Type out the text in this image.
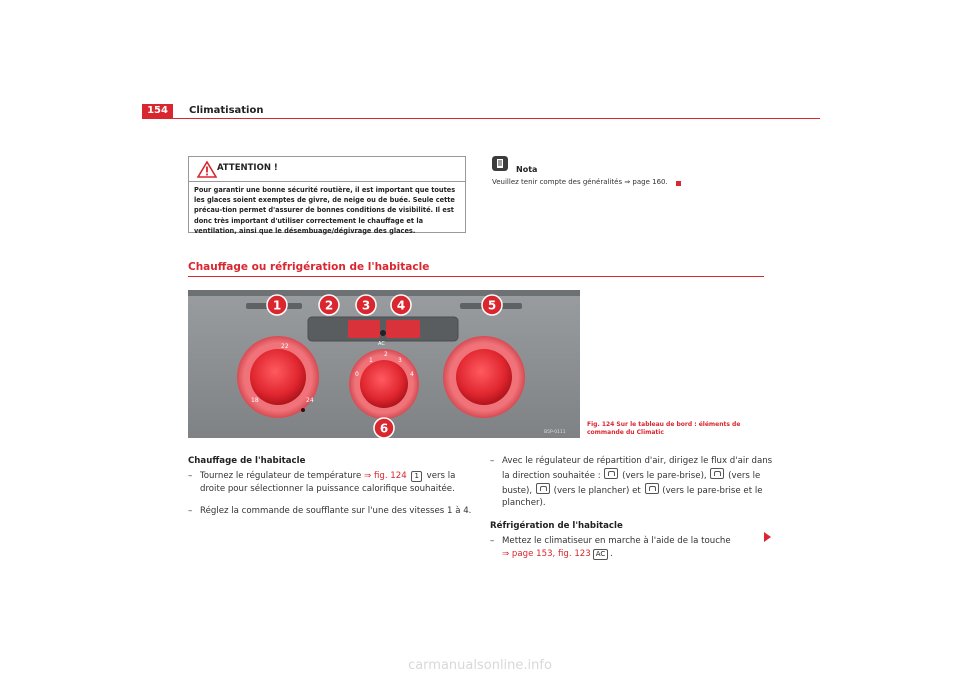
154	Climatisation
ATTENTION !
Pour garantir une bonne sécurité routière, il est important que toutes les glaces soient exemptes de givre, de neige ou de buée. Seule cette précau-tion permet d'assurer de bonnes conditions de visibilité. Il est donc très important d'utiliser correctement le chauffage et la ventilation, ainsi que le désembuage/dégivrage des glaces.
Nota
Veuillez tenir compte des généralités ⇒ page 160.
Chauffage ou réfrigération de l'habitacle
AC
22
18	24
0
1
2
3
4
1	2 3 4	5
6	B5P-0111
Fig. 124 Sur le tableau de bord : éléments de commande du Climatic
Chauffage de l'habitacle
– Tournez le régulateur de température ⇒ fig. 124 1 vers la droite pour sélectionner la puissance calorifique souhaitée.
– Réglez la commande de soufflante sur l'une des vitesses 1 à 4.
– Avec le régulateur de répartition d'air, dirigez le flux d'air dans la direction souhaitée :  (vers le pare-brise),  (vers le buste),  (vers le plancher) et  (vers le pare-brise et le plancher).
Réfrigération de l'habitacle
– Mettez le climatiseur en marche à l'aide de la touche
⇒ page 153, fig. 123 AC .
carmanualsonline.info
